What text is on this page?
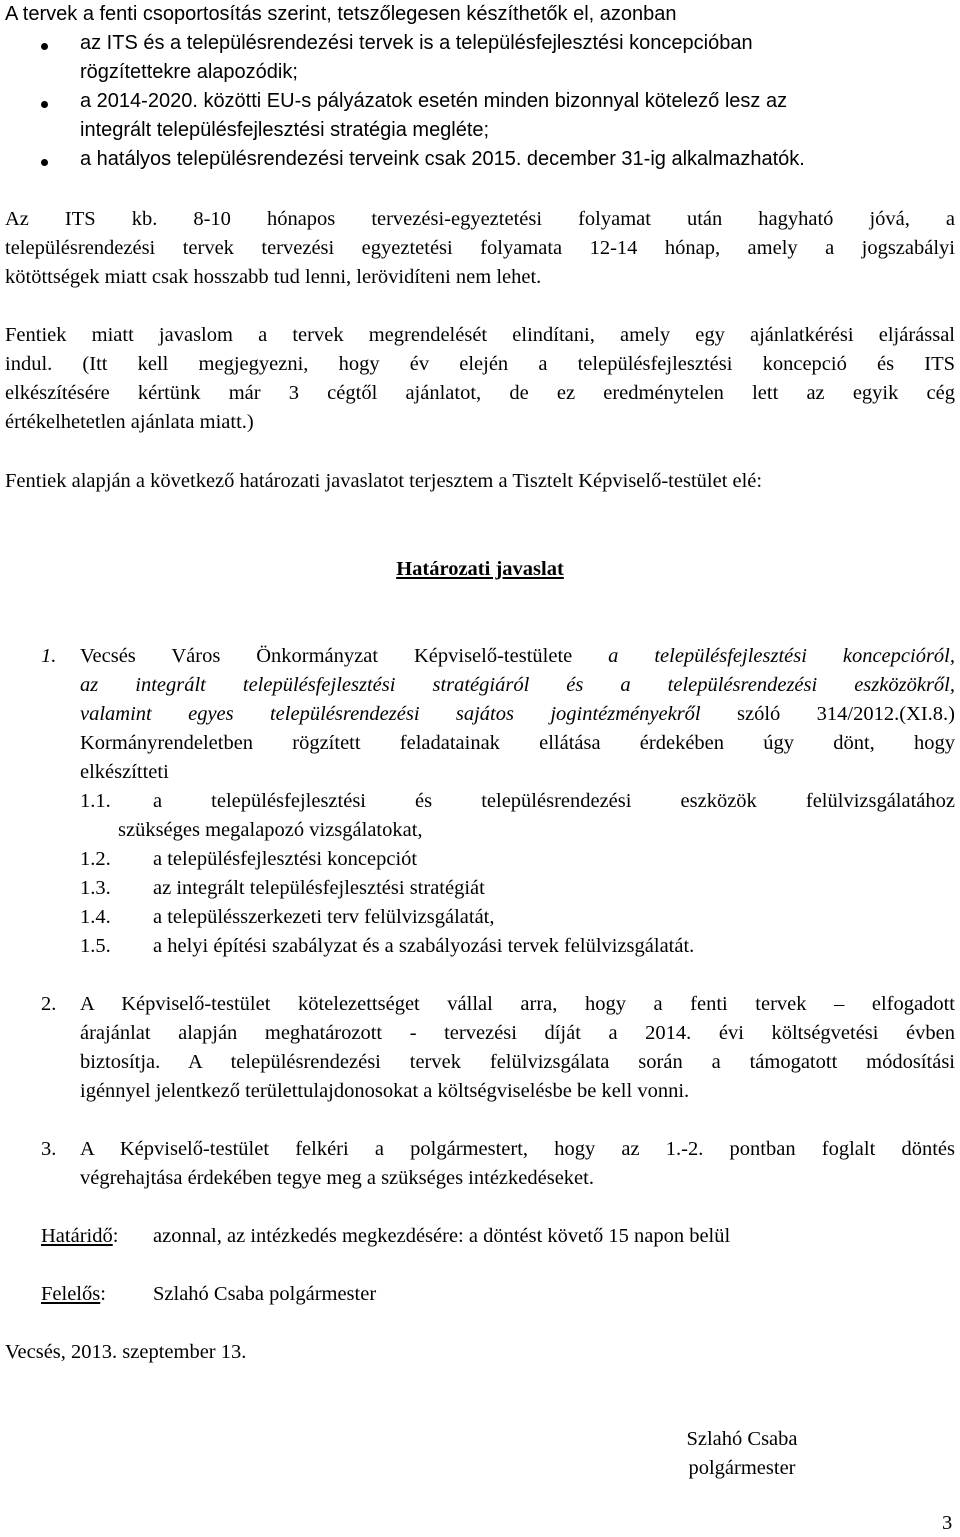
A tervek a fenti csoportosítás szerint, tetszőlegesen készíthetők el, azonban
az ITS és a településrendezési tervek is a településfejlesztési koncepcióban
rögzítettekre alapozódik;
a 2014-2020. közötti EU-s pályázatok esetén minden bizonnyal kötelező lesz az
integrált településfejlesztési stratégia megléte;
a hatályos településrendezési terveink csak 2015. december 31-ig alkalmazhatók.
Az ITS kb. 8-10 hónapos tervezési-egyeztetési folyamat után hagyható jóvá, a
településrendezési tervek tervezési egyeztetési folyamata 12-14 hónap, amely a jogszabályi
kötöttségek miatt csak hosszabb tud lenni, lerövidíteni nem lehet.
Fentiek miatt javaslom a tervek megrendelését elindítani, amely egy ajánlatkérési eljárással
indul. (Itt kell megjegyezni, hogy év elején a településfejlesztési koncepció és ITS
elkészítésére kértünk már 3 cégtől ajánlatot, de ez eredménytelen lett az egyik cég
értékelhetetlen ajánlata miatt.)
Fentiek alapján a következő határozati javaslatot terjesztem a Tisztelt Képviselő-testület elé:
Határozati javaslat
1. Vecsés Város Önkormányzat Képviselő-testülete a településfejlesztési koncepcióról,
az integrált településfejlesztési stratégiáról és a településrendezési eszközökről,
valamint egyes településrendezési sajátos jogintézményekről szóló 314/2012.(XI.8.)
Kormányrendeletben rögzített feladatainak ellátása érdekében úgy dönt, hogy
elkészítteti
1.1. a településfejlesztési és településrendezési eszközök felülvizsgálatához
szükséges megalapozó vizsgálatokat,
1.2. a településfejlesztési koncepciót
1.3. az integrált településfejlesztési stratégiát
1.4. a településszerkezeti terv felülvizsgálatát,
1.5. a helyi építési szabályzat és a szabályozási tervek felülvizsgálatát.
2. A Képviselő-testület kötelezettséget vállal arra, hogy a fenti tervek – elfogadott
árajánlat alapján meghatározott - tervezési díját a 2014. évi költségvetési évben
biztosítja. A településrendezési tervek felülvizsgálata során a támogatott módosítási
igénnyel jelentkező területtulajdonosokat a költségviselésbe be kell vonni.
3. A Képviselő-testület felkéri a polgármestert, hogy az 1.-2. pontban foglalt döntés
végrehajtása érdekében tegye meg a szükséges intézkedéseket.
Határidő: azonnal, az intézkedés megkezdésére: a döntést követő 15 napon belül
Felelős: Szlahó Csaba polgármester
Vecsés, 2013. szeptember 13.
Szlahó Csaba
polgármester
3
